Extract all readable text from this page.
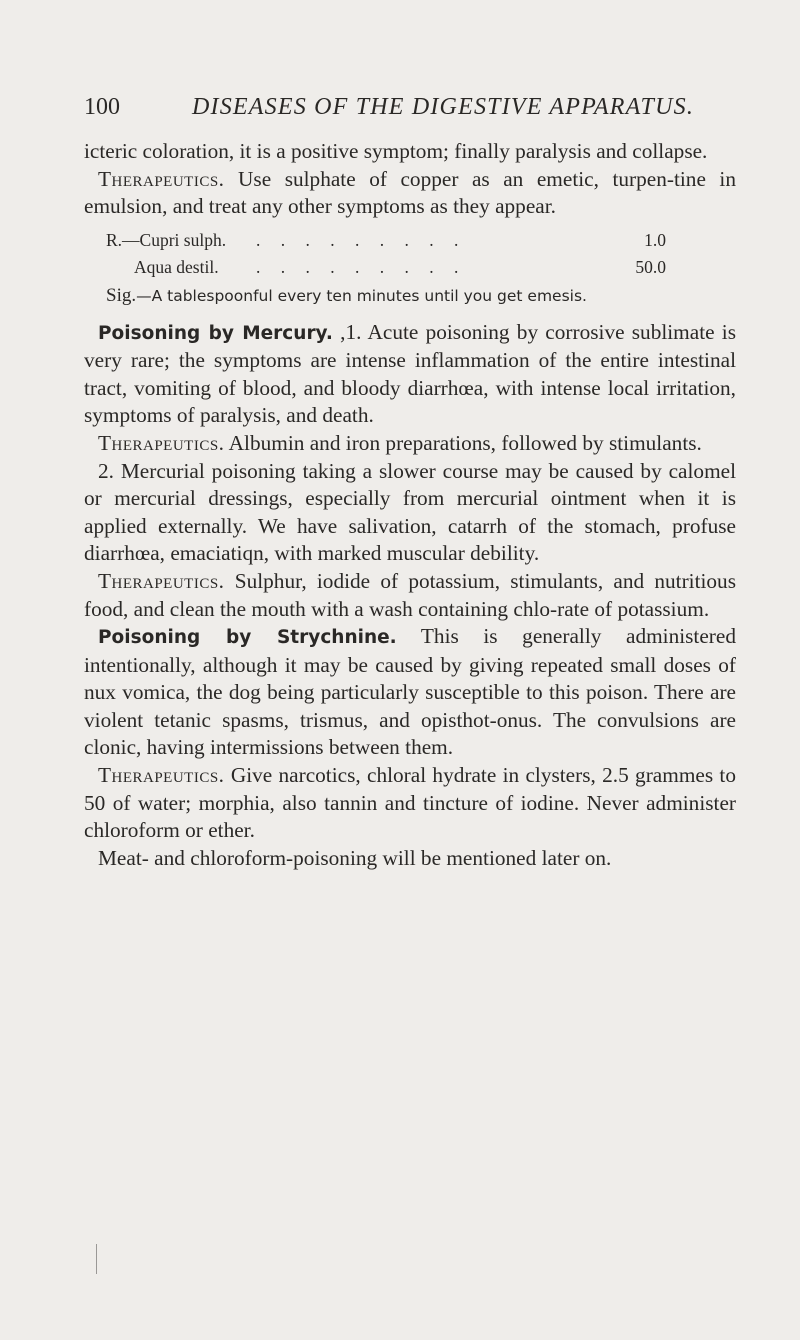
100	DISEASES OF THE DIGESTIVE APPARATUS.

icteric coloration, it is a positive symptom; finally paralysis and collapse.

Therapeutics. Use sulphate of copper as an emetic, turpen-tine in emulsion, and treat any other symptoms as they appear.

R.—Cupri sulph. . . . . . . . . .	1.0
Aqua destil. . . . . . . . . .	50.0

Sig.—A tablespoonful every ten minutes until you get emesis.

Poisoning by Mercury. ,1. Acute poisoning by corrosive sublimate is very rare; the symptoms are intense inflammation of the entire intestinal tract, vomiting of blood, and bloody diarrhœa, with intense local irritation, symptoms of paralysis, and death.

Therapeutics. Albumin and iron preparations, followed by stimulants.

2. Mercurial poisoning taking a slower course may be caused by calomel or mercurial dressings, especially from mercurial ointment when it is applied externally. We have salivation, catarrh of the stomach, profuse diarrhœa, emaciatiqn, with marked muscular debility.

Therapeutics. Sulphur, iodide of potassium, stimulants, and nutritious food, and clean the mouth with a wash containing chlo-rate of potassium.

Poisoning by Strychnine. This is generally administered intentionally, although it may be caused by giving repeated small doses of nux vomica, the dog being particularly susceptible to this poison. There are violent tetanic spasms, trismus, and opisthot-onus. The convulsions are clonic, having intermissions between them.

Therapeutics. Give narcotics, chloral hydrate in clysters, 2.5 grammes to 50 of water; morphia, also tannin and tincture of iodine. Never administer chloroform or ether.

Meat- and chloroform-poisoning will be mentioned later on.
